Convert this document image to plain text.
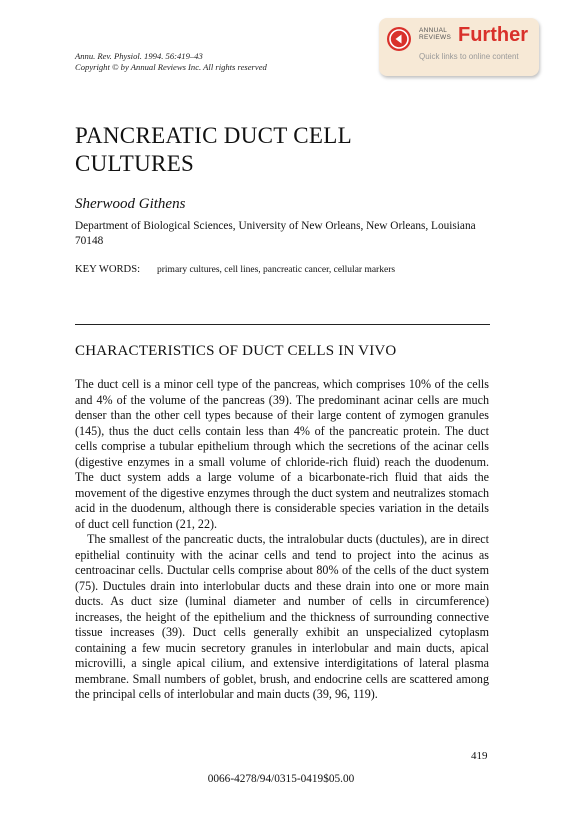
Annu. Rev. Physiol. 1994. 56:419–43
Copyright © by Annual Reviews Inc. All rights reserved
ANNUAL
REVIEWS Further
Quick links to online content
PANCREATIC DUCT CELL
CULTURES
Sherwood Githens
Department of Biological Sciences, University of New Orleans, New Orleans, Louisiana 70148
KEY WORDS: primary cultures, cell lines, pancreatic cancer, cellular markers
CHARACTERISTICS OF DUCT CELLS IN VIVO

The duct cell is a minor cell type of the pancreas, which comprises 10% of the cells and 4% of the volume of the pancreas (39). The predominant acinar cells are much denser than the other cell types because of their large content of zymogen granules (145), thus the duct cells contain less than 4% of the pancreatic protein. The duct cells comprise a tubular epithelium through which the secretions of the acinar cells (digestive enzymes in a small volume of chloride-rich fluid) reach the duodenum. The duct system adds a large volume of a bicarbonate-rich fluid that aids the movement of the digestive enzymes through the duct system and neutralizes stomach acid in the duodenum, although there is considerable species variation in the details of duct cell function (21, 22).

The smallest of the pancreatic ducts, the intralobular ducts (ductules), are in direct epithelial continuity with the acinar cells and tend to project into the acinus as centroacinar cells. Ductular cells comprise about 80% of the cells of the duct system (75). Ductules drain into interlobular ducts and these drain into one or more main ducts. As duct size (luminal diameter and number of cells in circumference) increases, the height of the epithelium and the thickness of surrounding connective tissue increases (39). Duct cells generally exhibit an unspecialized cytoplasm containing a few mucin secretory granules in interlobular and main ducts, apical microvilli, a single apical cilium, and extensive interdigitations of lateral plasma membrane. Small numbers of goblet, brush, and endocrine cells are scattered among the principal cells of interlobular and main ducts (39, 96, 119).

419
0066-4278/94/0315-0419$05.00
